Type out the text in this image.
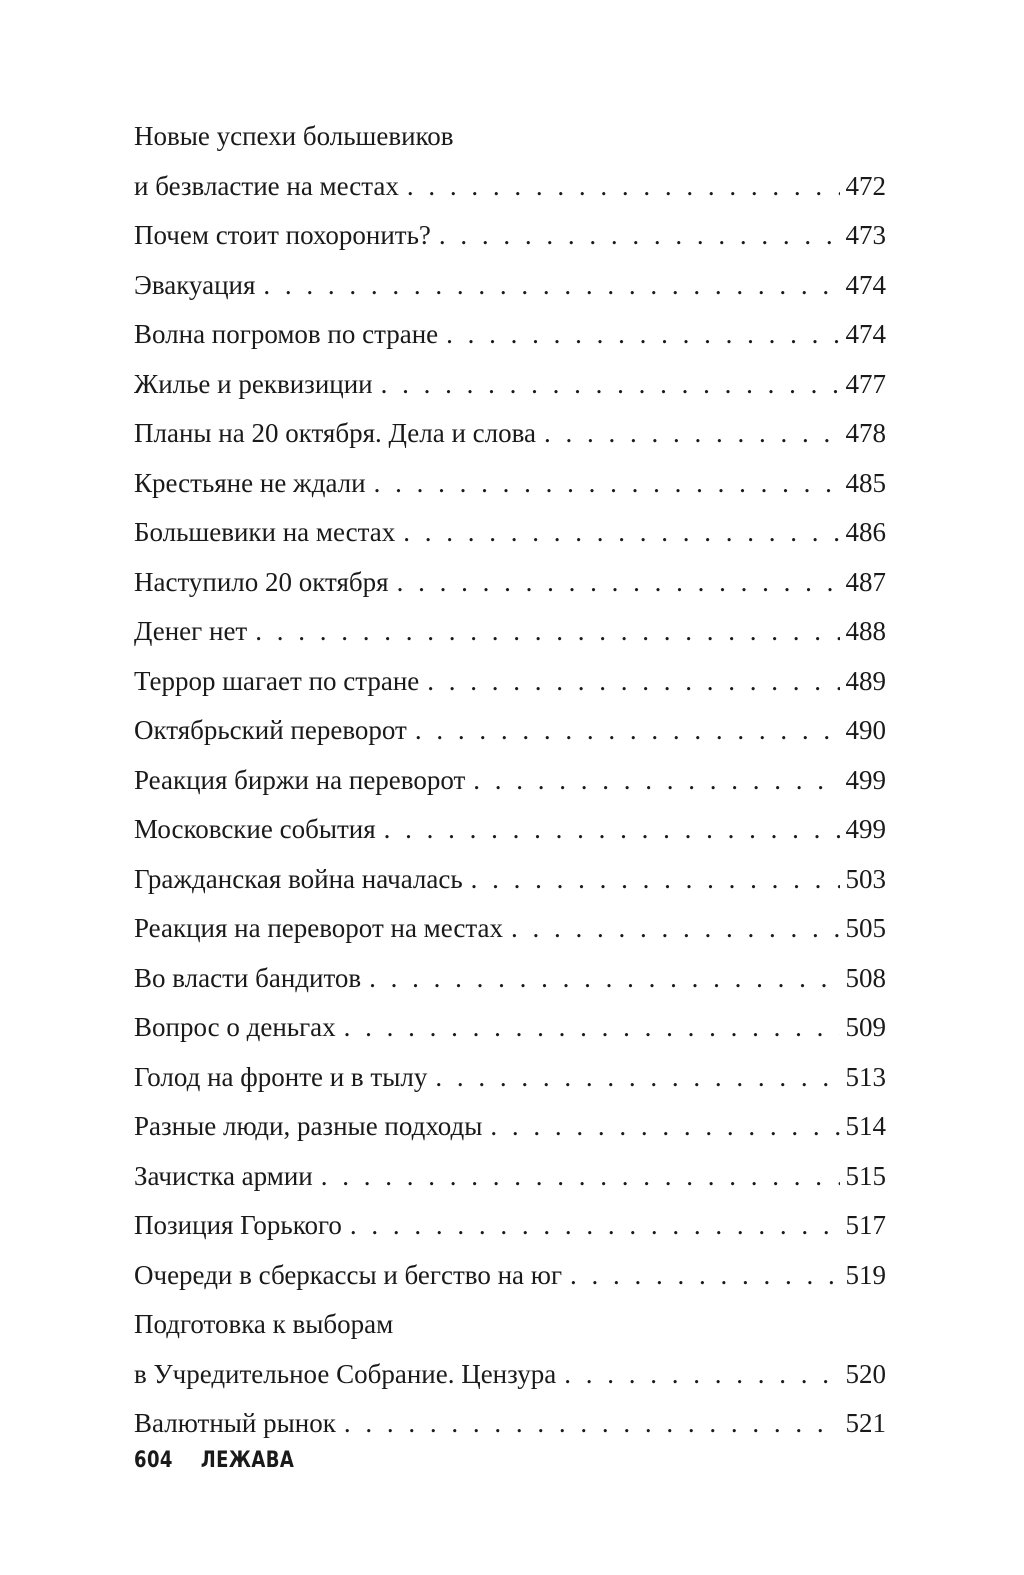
Новые успехи большевиков
и безвластие на местах . . .	472
Почем стоит похоронить? . . .	473
Эвакуация . . .	474
Волна погромов по стране . . .	474
Жилье и реквизиции . . .	477
Планы на 20 октября. Дела и слова . . .	478
Крестьяне не ждали . . .	485
Большевики на местах . . .	486
Наступило 20 октября . . .	487
Денег нет . . .	488
Террор шагает по стране . . .	489
Октябрьский переворот . . .	490
Реакция биржи на переворот . . .	499
Московские события . . .	499
Гражданская война началась . . .	503
Реакция на переворот на местах . . .	505
Во власти бандитов . . .	508
Вопрос о деньгах . . .	509
Голод на фронте и в тылу . . .	513
Разные люди, разные подходы . . .	514
Зачистка армии . . .	515
Позиция Горького . . .	517
Очереди в сберкассы и бегство на юг . . .	519
Подготовка к выборам
в Учредительное Собрание. Цензура . . .	520
Валютный рынок . . .	521
604 ЛЕЖАВА
